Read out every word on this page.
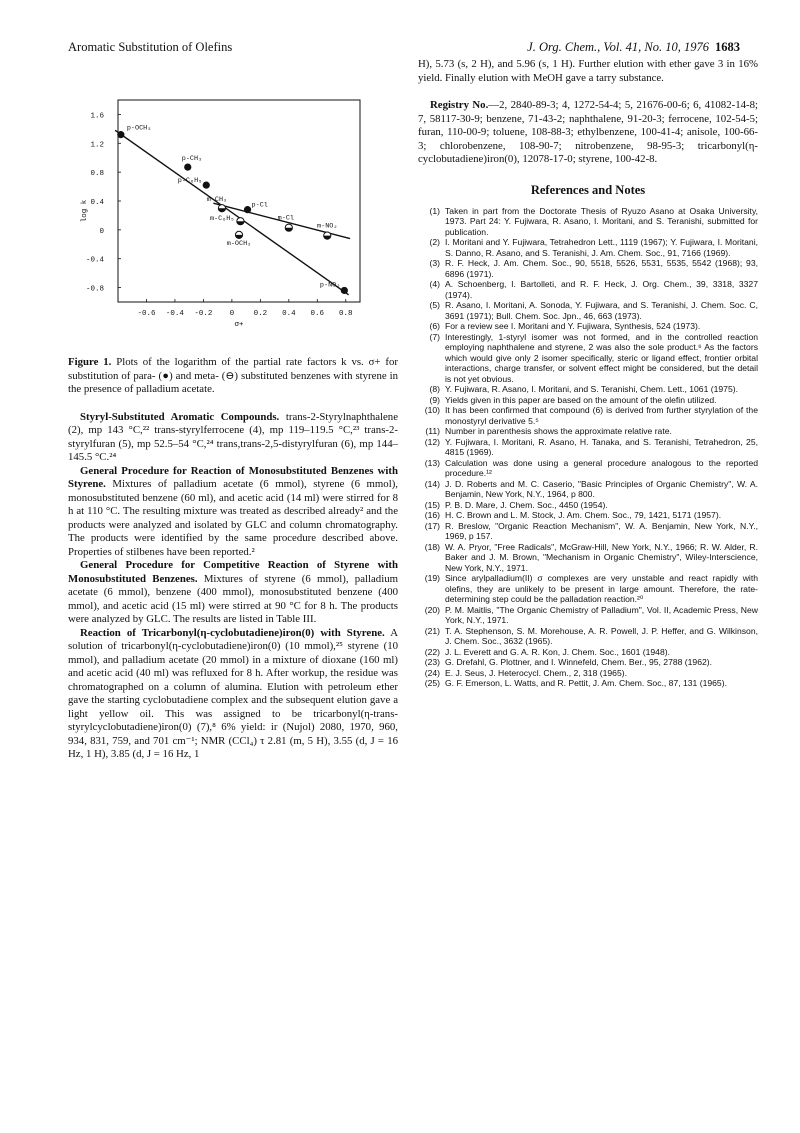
Aromatic Substitution of Olefins	J. Org. Chem., Vol. 41, No. 10, 1976 1683
-0.6 -0.4 -0.2 0	0.2 0.4 0.6 0.8
1.6
1.2
0.8
0.4
0
-0.4
-0.8
σ+
log k
p-OCH₃
p-CH₃
p-C₆H₅
p-Cl
p-NO₂
m-CH₃
m-C₆H₅
m-OCH₃
m-Cl
m-NO₂
Figure 1. Plots of the logarithm of the partial rate factors k vs. σ+ for substitution of para- (●) and meta- (⊖) substituted benzenes with styrene in the presence of palladium acetate.

Styryl-Substituted Aromatic Compounds. trans-2-Styrylnaphthalene (2), mp 143 °C,²² trans-styrylferrocene (4), mp 119–119.5 °C,²³ trans-2-styrylfuran (5), mp 52.5–54 °C,²⁴ trans,trans-2,5-distyrylfuran (6), mp 144–145.5 °C.²⁴

General Procedure for Reaction of Monosubstituted Benzenes with Styrene. Mixtures of palladium acetate (6 mmol), styrene (6 mmol), monosubstituted benzene (60 ml), and acetic acid (14 ml) were stirred for 8 h at 110 °C. The resulting mixture was treated as described already² and the products were analyzed and isolated by GLC and column chromatography. The products were identified by the same procedure described above. Properties of stilbenes have been reported.²

General Procedure for Competitive Reaction of Styrene with Monosubstituted Benzenes. Mixtures of styrene (6 mmol), palladium acetate (6 mmol), benzene (400 mmol), monosubstituted benzene (400 mmol), and acetic acid (15 ml) were stirred at 90 °C for 8 h. The products were analyzed by GLC. The results are listed in Table III.

Reaction of Tricarbonyl(η-cyclobutadiene)iron(0) with Styrene. A solution of tricarbonyl(η-cyclobutadiene)iron(0) (10 mmol),²⁵ styrene (10 mmol), and palladium acetate (20 mmol) in a mixture of dioxane (160 ml) and acetic acid (40 ml) was refluxed for 8 h. After workup, the residue was chromatographed on a column of alumina. Elution with petroleum ether gave the starting cyclobutadiene complex and the subsequent elution gave a light yellow oil. This was assigned to be tricarbonyl(η-trans-styrylcyclobutadiene)iron(0) (7),⁸ 6% yield: ir (Nujol) 2080, 1970, 960, 934, 831, 759, and 701 cm⁻¹; NMR (CCl₄) τ 2.81 (m, 5 H), 3.55 (d, J = 16 Hz, 1 H), 3.85 (d, J = 16 Hz, 1

H), 5.73 (s, 2 H), and 5.96 (s, 1 H). Further elution with ether gave 3 in 16% yield. Finally elution with MeOH gave a tarry substance.

Registry No.—2, 2840-89-3; 4, 1272-54-4; 5, 21676-00-6; 6, 41082-14-8; 7, 58117-30-9; benzene, 71-43-2; naphthalene, 91-20-3; ferrocene, 102-54-5; furan, 110-00-9; toluene, 108-88-3; ethylbenzene, 100-41-4; anisole, 100-66-3; chlorobenzene, 108-90-7; nitrobenzene, 98-95-3; tricarbonyl(η-cyclobutadiene)iron(0), 12078-17-0; styrene, 100-42-8.

References and Notes
(1) Taken in part from the Doctorate Thesis of Ryuzo Asano at Osaka University, 1973. Part 24: Y. Fujiwara, R. Asano, I. Moritani, and S. Teranishi, submitted for publication.
(2) I. Moritani and Y. Fujiwara, Tetrahedron Lett., 1119 (1967); Y. Fujiwara, I. Moritani, S. Danno, R. Asano, and S. Teranishi, J. Am. Chem. Soc., 91, 7166 (1969).
(3) R. F. Heck, J. Am. Chem. Soc., 90, 5518, 5526, 5531, 5535, 5542 (1968); 93, 6896 (1971).
(4) A. Schoenberg, I. Bartolleti, and R. F. Heck, J. Org. Chem., 39, 3318, 3327 (1974).
(5) R. Asano, I. Moritani, A. Sonoda, Y. Fujiwara, and S. Teranishi, J. Chem. Soc. C, 3691 (1971); Bull. Chem. Soc. Jpn., 46, 663 (1973).
(6) For a review see I. Moritani and Y. Fujiwara, Synthesis, 524 (1973).
(7) Interestingly, 1-styryl isomer was not formed, and in the controlled reaction employing naphthalene and styrene, 2 was also the sole product.⁶ As the factors which would give only 2 isomer specifically, steric or ligand effect, frontier orbital interactions, charge transfer, or solvent effect might be considered, but the detail is not yet obvious.
(8) Y. Fujiwara, R. Asano, I. Moritani, and S. Teranishi, Chem. Lett., 1061 (1975).
(9) Yields given in this paper are based on the amount of the olefin utilized.
(10) It has been confirmed that compound (6) is derived from further styrylation of the monostyryl derivative 5.⁵
(11) Number in parenthesis shows the approximate relative rate.
(12) Y. Fujiwara, I. Moritani, R. Asano, H. Tanaka, and S. Teranishi, Tetrahedron, 25, 4815 (1969).
(13) Calculation was done using a general procedure analogous to the reported procedure.¹²
(14) J. D. Roberts and M. C. Caserio, "Basic Principles of Organic Chemistry", W. A. Benjamin, New York, N.Y., 1964, p 800.
(15) P. B. D. Mare, J. Chem. Soc., 4450 (1954).
(16) H. C. Brown and L. M. Stock, J. Am. Chem. Soc., 79, 1421, 5171 (1957).
(17) R. Breslow, "Organic Reaction Mechanism", W. A. Benjamin, New York, N.Y., 1969, p 157.
(18) W. A. Pryor, "Free Radicals", McGraw-Hill, New York, N.Y., 1966; R. W. Alder, R. Baker and J. M. Brown, "Mechanism in Organic Chemistry", Wiley-Interscience, New York, N.Y., 1971.
(19) Since arylpalladium(II) σ complexes are very unstable and react rapidly with olefins, they are unlikely to be present in large amount. Therefore, the rate-determining step could be the palladation reaction.²⁰
(20) P. M. Maitlis, "The Organic Chemistry of Palladium", Vol. II, Academic Press, New York, N.Y., 1971.
(21) T. A. Stephenson, S. M. Morehouse, A. R. Powell, J. P. Heffer, and G. Wilkinson, J. Chem. Soc., 3632 (1965).
(22) J. L. Everett and G. A. R. Kon, J. Chem. Soc., 1601 (1948).
(23) G. Drefahl, G. Plottner, and I. Winnefeld, Chem. Ber., 95, 2788 (1962).
(24) E. J. Seus, J. Heterocycl. Chem., 2, 318 (1965).
(25) G. F. Emerson, L. Watts, and R. Pettit, J. Am. Chem. Soc., 87, 131 (1965).
